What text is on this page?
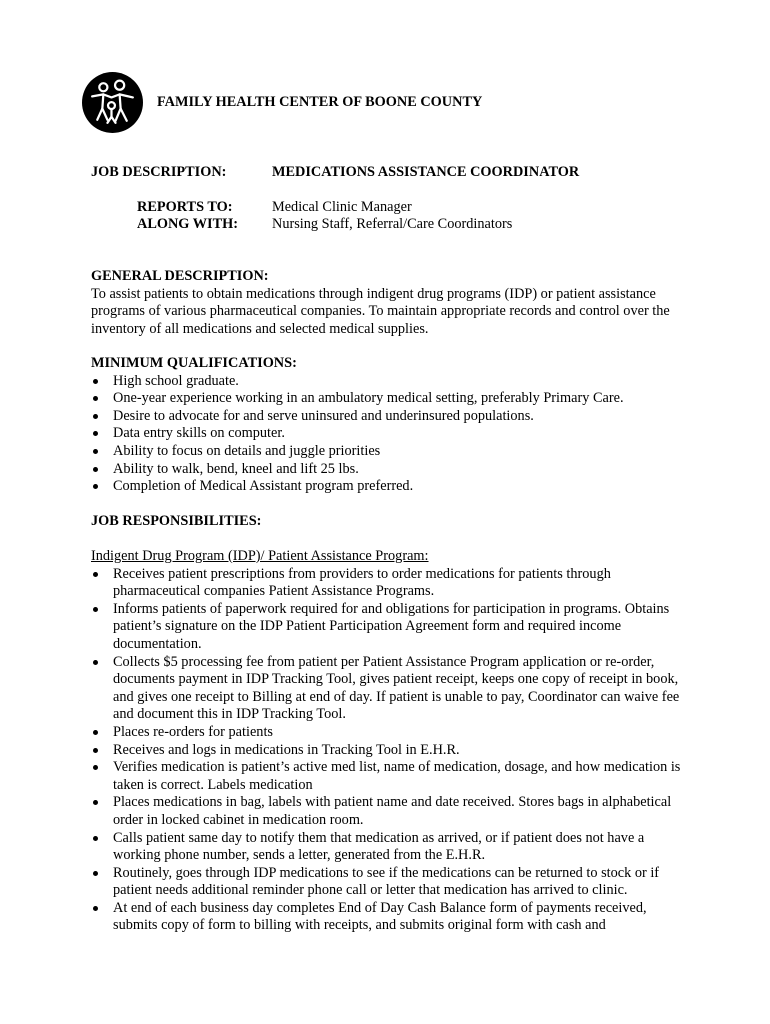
FAMILY HEALTH CENTER OF BOONE COUNTY
JOB DESCRIPTION:	MEDICATIONS ASSISTANCE COORDINATOR
REPORTS TO:	Medical Clinic Manager
ALONG WITH: Nursing Staff, Referral/Care Coordinators
GENERAL DESCRIPTION:

To assist patients to obtain medications through indigent drug programs (IDP) or patient assistance programs of various pharmaceutical companies. To maintain appropriate records and control over the inventory of all medications and selected medical supplies.

MINIMUM QUALIFICATIONS:
High school graduate.
One-year experience working in an ambulatory medical setting, preferably Primary Care.
Desire to advocate for and serve uninsured and underinsured populations.
Data entry skills on computer.
Ability to focus on details and juggle priorities
Ability to walk, bend, kneel and lift 25 lbs.
Completion of Medical Assistant program preferred.
JOB RESPONSIBILITIES:
Indigent Drug Program (IDP)/ Patient Assistance Program:
Receives patient prescriptions from providers to order medications for patients through pharmaceutical companies Patient Assistance Programs.
Informs patients of paperwork required for and obligations for participation in programs. Obtains patient’s signature on the IDP Patient Participation Agreement form and required income documentation.
Collects $5 processing fee from patient per Patient Assistance Program application or re-order, documents payment in IDP Tracking Tool, gives patient receipt, keeps one copy of receipt in book, and gives one receipt to Billing at end of day. If patient is unable to pay, Coordinator can waive fee and document this in IDP Tracking Tool.
Places re-orders for patients
Receives and logs in medications in Tracking Tool in E.H.R.
Verifies medication is patient’s active med list, name of medication, dosage, and how medication is taken is correct. Labels medication
Places medications in bag, labels with patient name and date received. Stores bags in alphabetical order in locked cabinet in medication room.
Calls patient same day to notify them that medication as arrived, or if patient does not have a working phone number, sends a letter, generated from the E.H.R.
Routinely, goes through IDP medications to see if the medications can be returned to stock or if patient needs additional reminder phone call or letter that medication has arrived to clinic.
At end of each business day completes End of Day Cash Balance form of payments received, submits copy of form to billing with receipts, and submits original form with cash and
